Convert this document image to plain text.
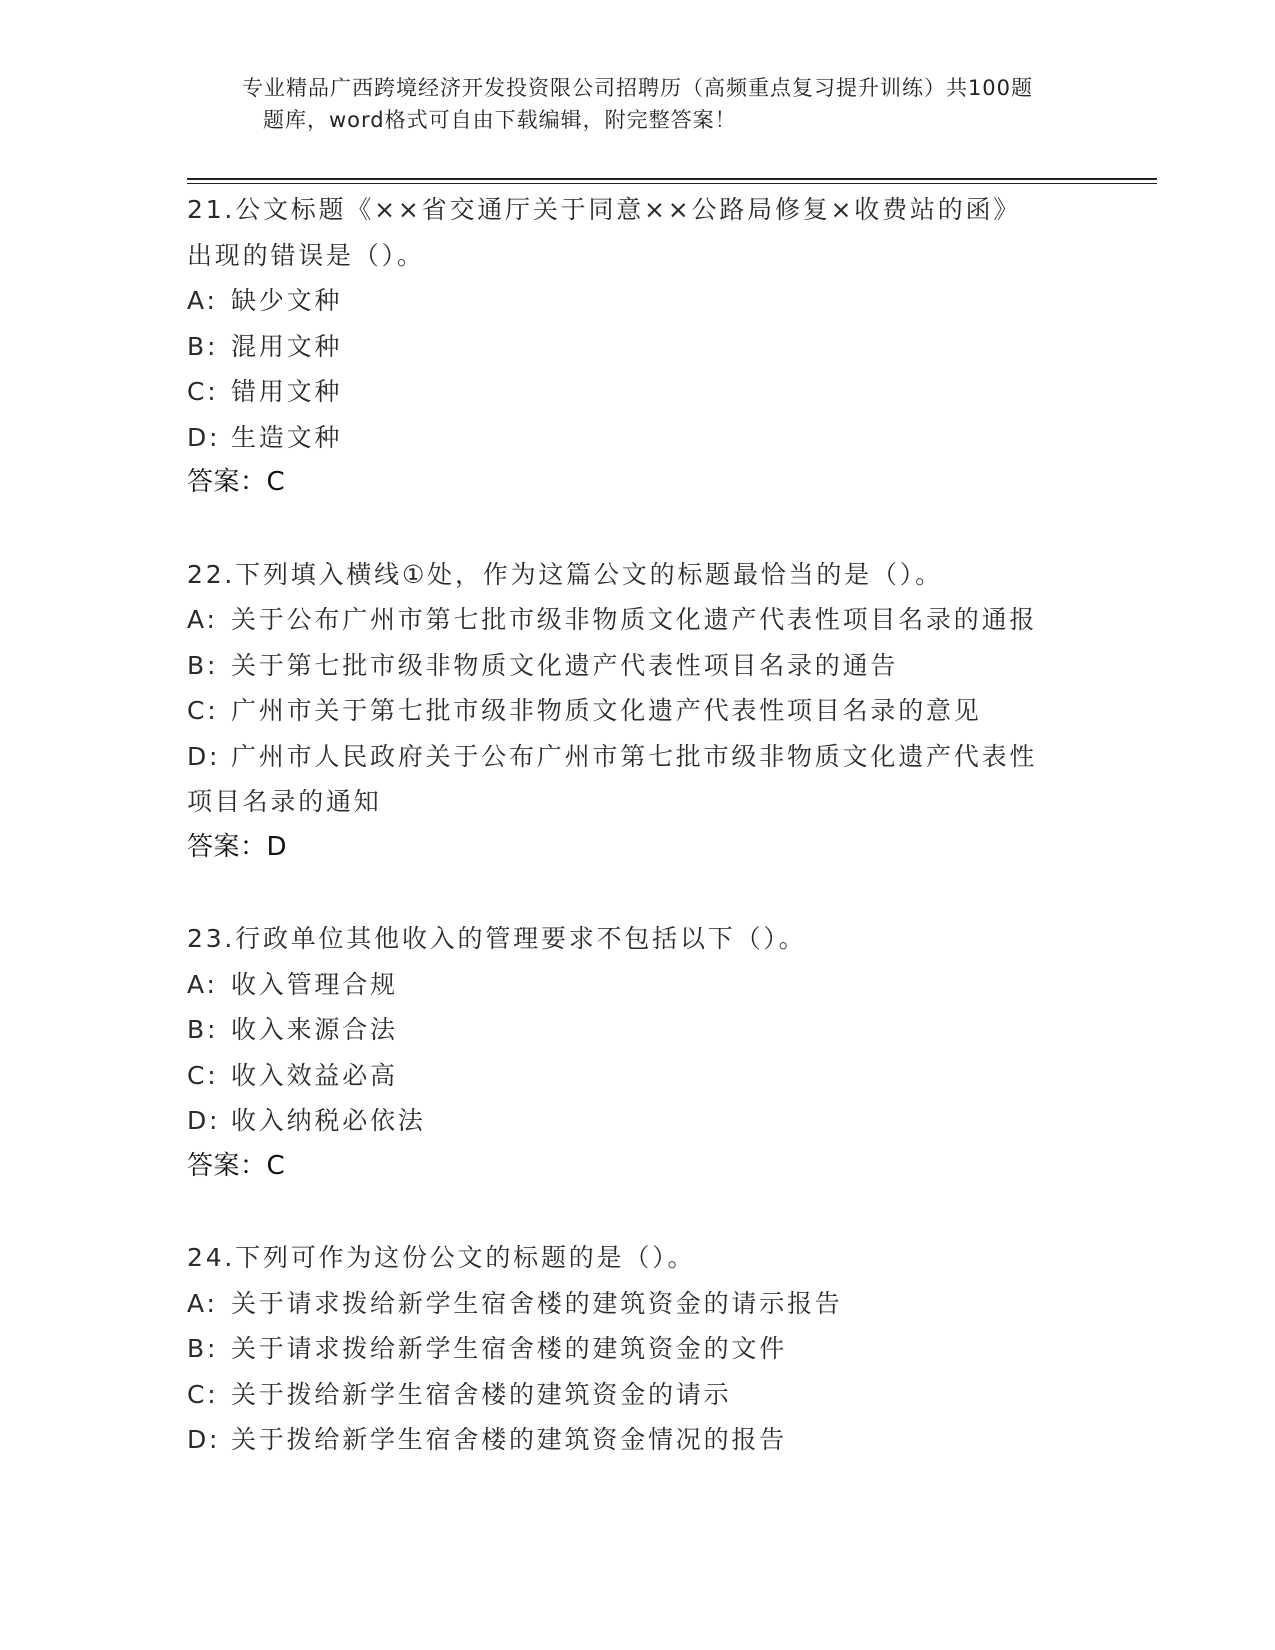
专业精品广西跨境经济开发投资限公司招聘历（高频重点复习提升训练）共100题
题库，word格式可自由下载编辑，附完整答案！
21.公文标题《××省交通厅关于同意××公路局修复×收费站的函》
出现的错误是（）。
A: 缺少文种
B: 混用文种
C: 错用文种
D: 生造文种
答案：C
22.下列填入横线①处，作为这篇公文的标题最恰当的是（）。
A: 关于公布广州市第七批市级非物质文化遗产代表性项目名录的通报
B: 关于第七批市级非物质文化遗产代表性项目名录的通告
C: 广州市关于第七批市级非物质文化遗产代表性项目名录的意见
D: 广州市人民政府关于公布广州市第七批市级非物质文化遗产代表性
项目名录的通知
答案：D
23.行政单位其他收入的管理要求不包括以下（）。
A: 收入管理合规
B: 收入来源合法
C: 收入效益必高
D: 收入纳税必依法
答案：C
24.下列可作为这份公文的标题的是（）。
A: 关于请求拨给新学生宿舍楼的建筑资金的请示报告
B: 关于请求拨给新学生宿舍楼的建筑资金的文件
C: 关于拨给新学生宿舍楼的建筑资金的请示
D: 关于拨给新学生宿舍楼的建筑资金情况的报告
